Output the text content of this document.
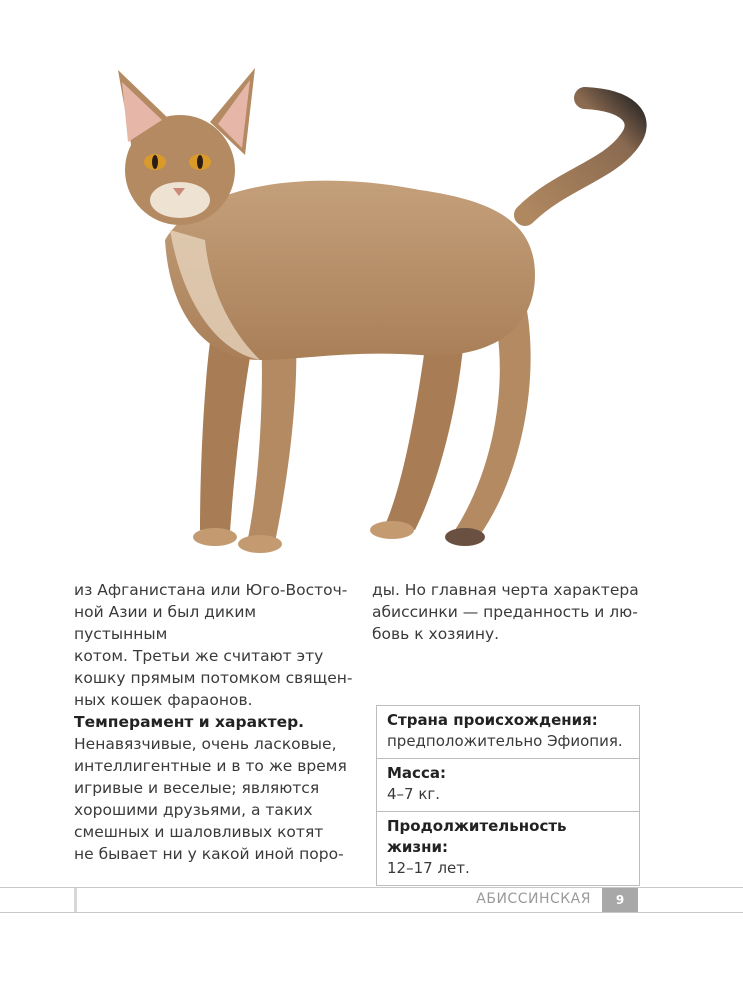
из Афганистана или Юго-Восточ-
ной Азии и был диким пустынным
котом. Третьи же считают эту
кошку прямым потомком священ-
ных кошек фараонов.

ды. Но главная черта характера
абиссинки — преданность и лю-
бовь к хозяину.

Темперамент и характер.

Ненавязчивые, очень ласковые,
интеллигентные и в то же время
игривые и веселые; являются
хорошими друзьями, а таких
смешных и шаловливых котят
не бывает ни у какой иной поро-

Страна происхождения:
предположительно Эфиопия.
Масса:
4–7 кг.
Продолжительность жизни:
12–17 лет.
АБИССИНСКАЯ	9
